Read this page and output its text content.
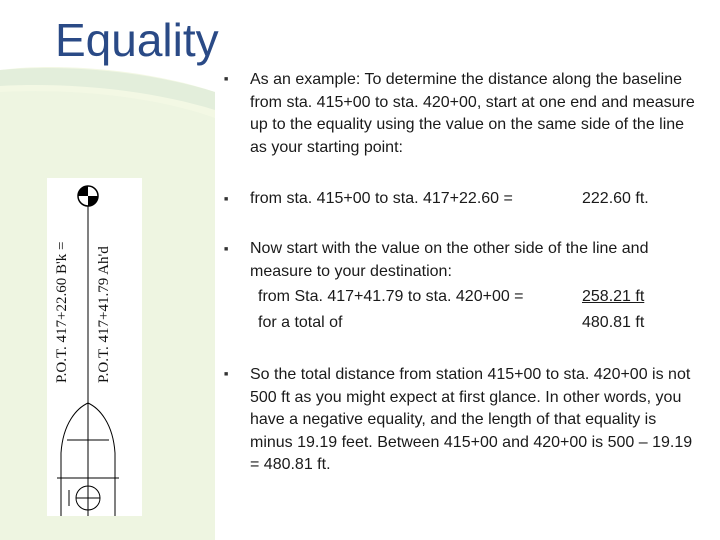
Equality
P.O.T. 417+22.60 B'k = P.O.T. 417+41.79 Ah'd
■
As an example: To determine the distance along the baseline from sta. 415+00 to sta. 420+00, start at one end and measure up to the equality using the value on the same side of the line as your starting point:
■
from sta. 415+00 to sta. 417+22.60 =	222.60 ft.
■
Now start with the value on the other side of the line and measure to your destination:
from Sta. 417+41.79 to sta. 420+00 =	258.21 ft
for a total of	480.81 ft
■
So the total distance from station 415+00 to sta. 420+00 is not 500 ft as you might expect at first glance. In other words, you have a negative equality, and the length of that equality is minus 19.19 feet. Between 415+00 and 420+00 is 500 – 19.19 = 480.81 ft.
